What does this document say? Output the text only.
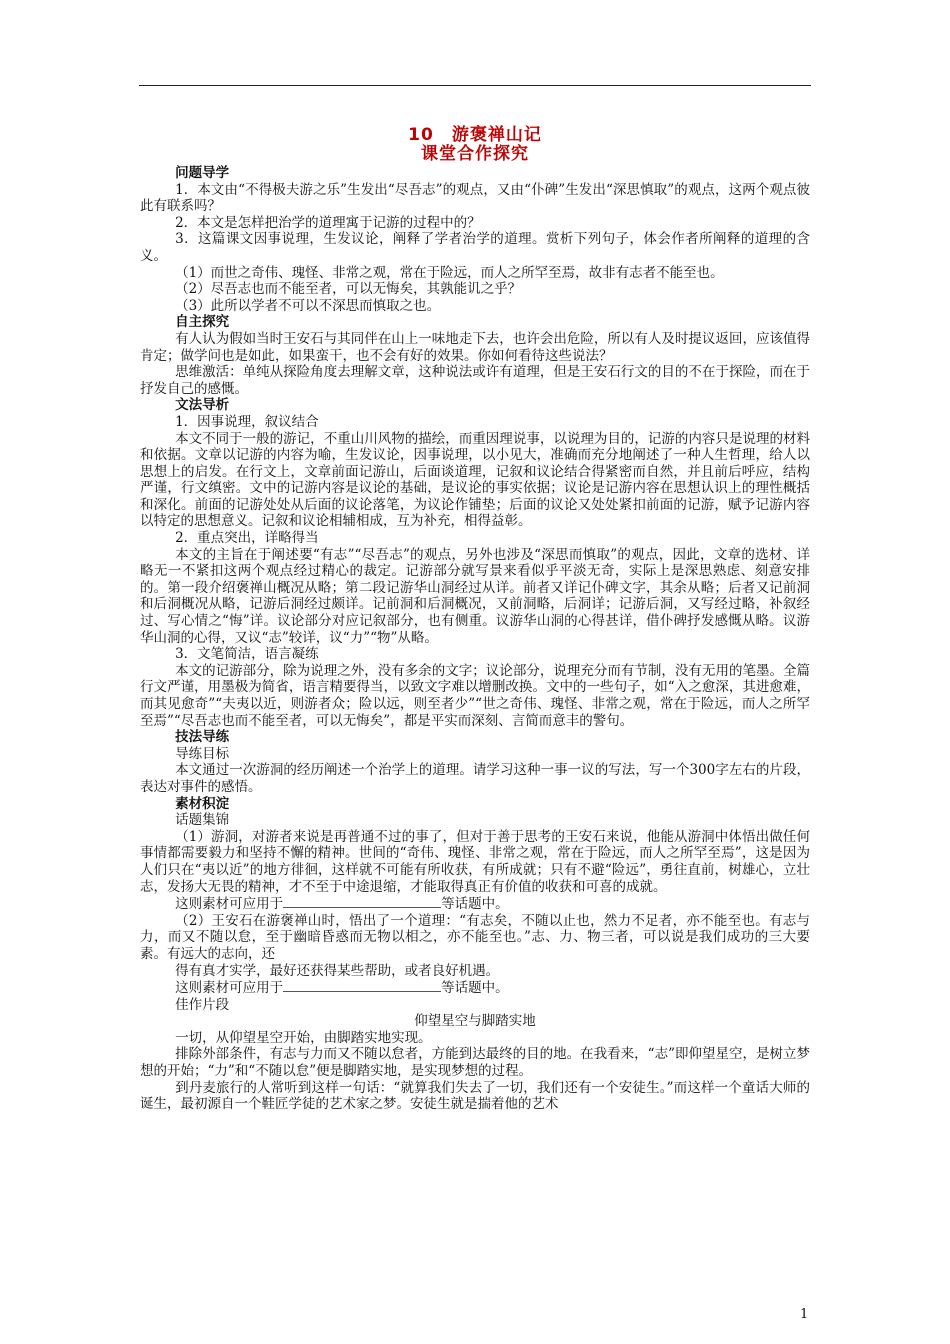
10　游褒禅山记

课堂合作探究

问题导学

1．本文由“不得极夫游之乐”生发出“尽吾志”的观点，又由“仆碑”生发出“深思慎取”的观点，这两个观点彼此有联系吗？

2．本文是怎样把治学的道理寓于记游的过程中的？

3．这篇课文因事说理，生发议论，阐释了学者治学的道理。赏析下列句子，体会作者所阐释的道理的含义。

（1）而世之奇伟、瑰怪、非常之观，常在于险远，而人之所罕至焉，故非有志者不能至也。

（2）尽吾志也而不能至者，可以无悔矣，其孰能讥之乎？

（3）此所以学者不可以不深思而慎取之也。

自主探究

有人认为假如当时王安石与其同伴在山上一味地走下去，也许会出危险，所以有人及时提议返回，应该值得肯定；做学问也是如此，如果蛮干，也不会有好的效果。你如何看待这些说法？

思维激活：单纯从探险角度去理解文章，这种说法或许有道理，但是王安石行文的目的不在于探险，而在于抒发自己的感慨。

文法导析

1．因事说理，叙议结合

本文不同于一般的游记，不重山川风物的描绘，而重因理说事，以说理为目的，记游的内容只是说理的材料和依据。文章以记游的内容为喻，生发议论，因事说理，以小见大，准确而充分地阐述了一种人生哲理，给人以思想上的启发。在行文上，文章前面记游山，后面谈道理，记叙和议论结合得紧密而自然，并且前后呼应，结构严谨，行文缜密。文中的记游内容是议论的基础，是议论的事实依据；议论是记游内容在思想认识上的理性概括和深化。前面的记游处处从后面的议论落笔，为议论作铺垫；后面的议论又处处紧扣前面的记游，赋予记游内容以特定的思想意义。记叙和议论相辅相成，互为补充，相得益彰。

2．重点突出，详略得当

本文的主旨在于阐述要“有志”“尽吾志”的观点，另外也涉及“深思而慎取”的观点，因此，文章的选材、详略无一不紧扣这两个观点经过精心的裁定。记游部分就写景来看似乎平淡无奇，实际上是深思熟虑、刻意安排的。第一段介绍褒禅山概况从略；第二段记游华山洞经过从详。前者又详记仆碑文字，其余从略；后者又记前洞和后洞概况从略，记游后洞经过颇详。记前洞和后洞概况，又前洞略，后洞详；记游后洞，又写经过略，补叙经过、写心情之“悔”详。议论部分对应记叙部分，也有侧重。议游华山洞的心得甚详，借仆碑抒发感慨从略。议游华山洞的心得，又议“志”较详，议“力”“物”从略。

3．文笔简洁，语言凝练

本文的记游部分，除为说理之外，没有多余的文字；议论部分，说理充分而有节制，没有无用的笔墨。全篇行文严谨，用墨极为简省，语言精要得当，以致文字难以增删改换。文中的一些句子，如“入之愈深，其进愈难，而其见愈奇”“夫夷以近，则游者众；险以远，则至者少”“世之奇伟、瑰怪、非常之观，常在于险远，而人之所罕至焉”“尽吾志也而不能至者，可以无悔矣”，都是平实而深刻、言简而意丰的警句。

技法导练

导练目标

本文通过一次游洞的经历阐述一个治学上的道理。请学习这种一事一议的写法，写一个300字左右的片段，表达对事件的感悟。

素材积淀

话题集锦

（1）游洞，对游者来说是再普通不过的事了，但对于善于思考的王安石来说，他能从游洞中体悟出做任何事情都需要毅力和坚持不懈的精神。世间的“奇伟、瑰怪、非常之观，常在于险远，而人之所罕至焉”，这是因为人们只在“夷以近”的地方徘徊，这样就不可能有所收获，有所成就；只有不避“险远”，勇往直前，树雄心，立壮志，发扬大无畏的精神，才不至于中途退缩，才能取得真正有价值的收获和可喜的成就。

这则素材可应用于	等话题中。

（2）王安石在游褒禅山时，悟出了一个道理：“有志矣，不随以止也，然力不足者，亦不能至也。有志与力，而又不随以怠，至于幽暗昏惑而无物以相之，亦不能至也。”志、力、物三者，可以说是我们成功的三大要素。有远大的志向，还

得有真才实学，最好还获得某些帮助，或者良好机遇。

这则素材可应用于	等话题中。

佳作片段

仰望星空与脚踏实地

一切，从仰望星空开始，由脚踏实地实现。

排除外部条件，有志与力而又不随以怠者，方能到达最终的目的地。在我看来，“志”即仰望星空，是树立梦想的开始；“力”和“不随以怠”便是脚踏实地，是实现梦想的过程。

到丹麦旅行的人常听到这样一句话：“就算我们失去了一切，我们还有一个安徒生。”而这样一个童话大师的诞生，最初源自一个鞋匠学徒的艺术家之梦。安徒生就是揣着他的艺术

1
